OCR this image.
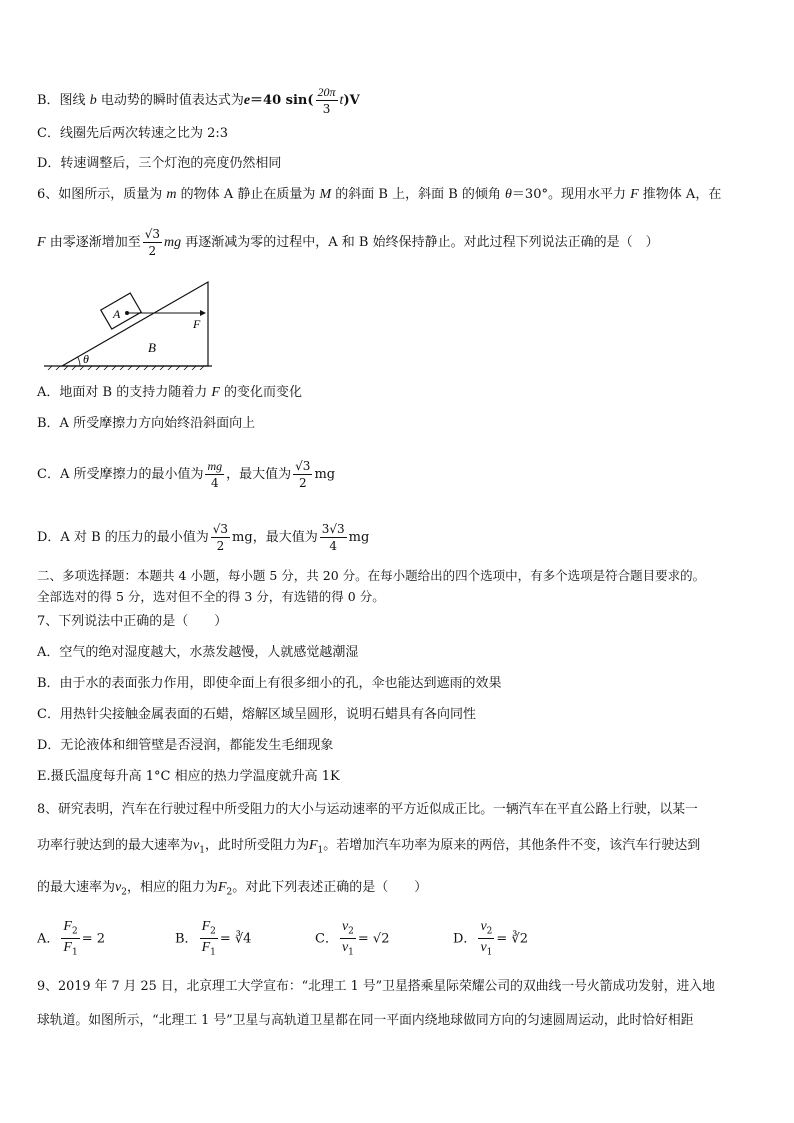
B．图线 b 电动势的瞬时值表达式为e＝40 $\sin( \frac{20\pi}{3} t)V$
C．线圈先后两次转速之比为 2:3
D．转速调整后，三个灯泡的亮度仍然相同
6、如图所示，质量为 m 的物体 A 静止在质量为 M 的斜面 B 上，斜面 B 的倾角 θ＝30°。现用水平力 F 推物体 A，在
F 由零逐渐增加至 $\frac{√3}{2}$ mg 再逐渐减为零的过程中，A 和 B 始终保持静止。对此过程下列说法正确的是（　）
θ
A
F
B
A．地面对 B 的支持力随着力 F 的变化而变化
B．A 所受摩擦力方向始终沿斜面向上
C．A 所受摩擦力的最小值为 $\frac{mg}{4}$ ，最大值为 $\frac{√3}{2}$ mg
D．A 对 B 的压力的最小值为 $\frac{√3}{2}$ mg，最大值为 $\frac{3√3}{4}$ mg
二、多项选择题：本题共 4 小题，每小题 5 分，共 20 分。在每小题给出的四个选项中，有多个选项是符合题目要求的。
全部选对的得 5 分，选对但不全的得 3 分，有选错的得 0 分。
7、下列说法中正确的是（　　）
A．空气的绝对湿度越大，水蒸发越慢，人就感觉越潮湿
B．由于水的表面张力作用，即使伞面上有很多细小的孔，伞也能达到遮雨的效果
C．用热针尖接触金属表面的石蜡，熔解区域呈圆形，说明石蜡具有各向同性
D．无论液体和细管壁是否浸润，都能发生毛细现象
E.摄氏温度每升高 1°C 相应的热力学温度就升高 1K
8、研究表明，汽车在行驶过程中所受阻力的大小与运动速率的平方近似成正比。一辆汽车在平直公路上行驶，以某一
功率行驶达到的最大速率为$v_1$，此时所受阻力为$F_1$。若增加汽车功率为原来的两倍，其他条件不变，该汽车行驶达到
的最大速率为$v_2$，相应的阻力为$F_2$。对此下列表述正确的是（　　）
A． $\frac{F_2}{F_1} = 2$	B． $\frac{F_2}{F_1}$ = ∛4	C． $\frac{v_2}{v_1} = √2$	D． $\frac{v_2}{v_1}$ = ∛2
9、2019 年 7 月 25 日，北京理工大学宣布：“北理工 1 号”卫星搭乘星际荣耀公司的双曲线一号火箭成功发射，进入地
球轨道。如图所示，“北理工 1 号”卫星与高轨道卫星都在同一平面内绕地球做同方向的匀速圆周运动，此时恰好相距
